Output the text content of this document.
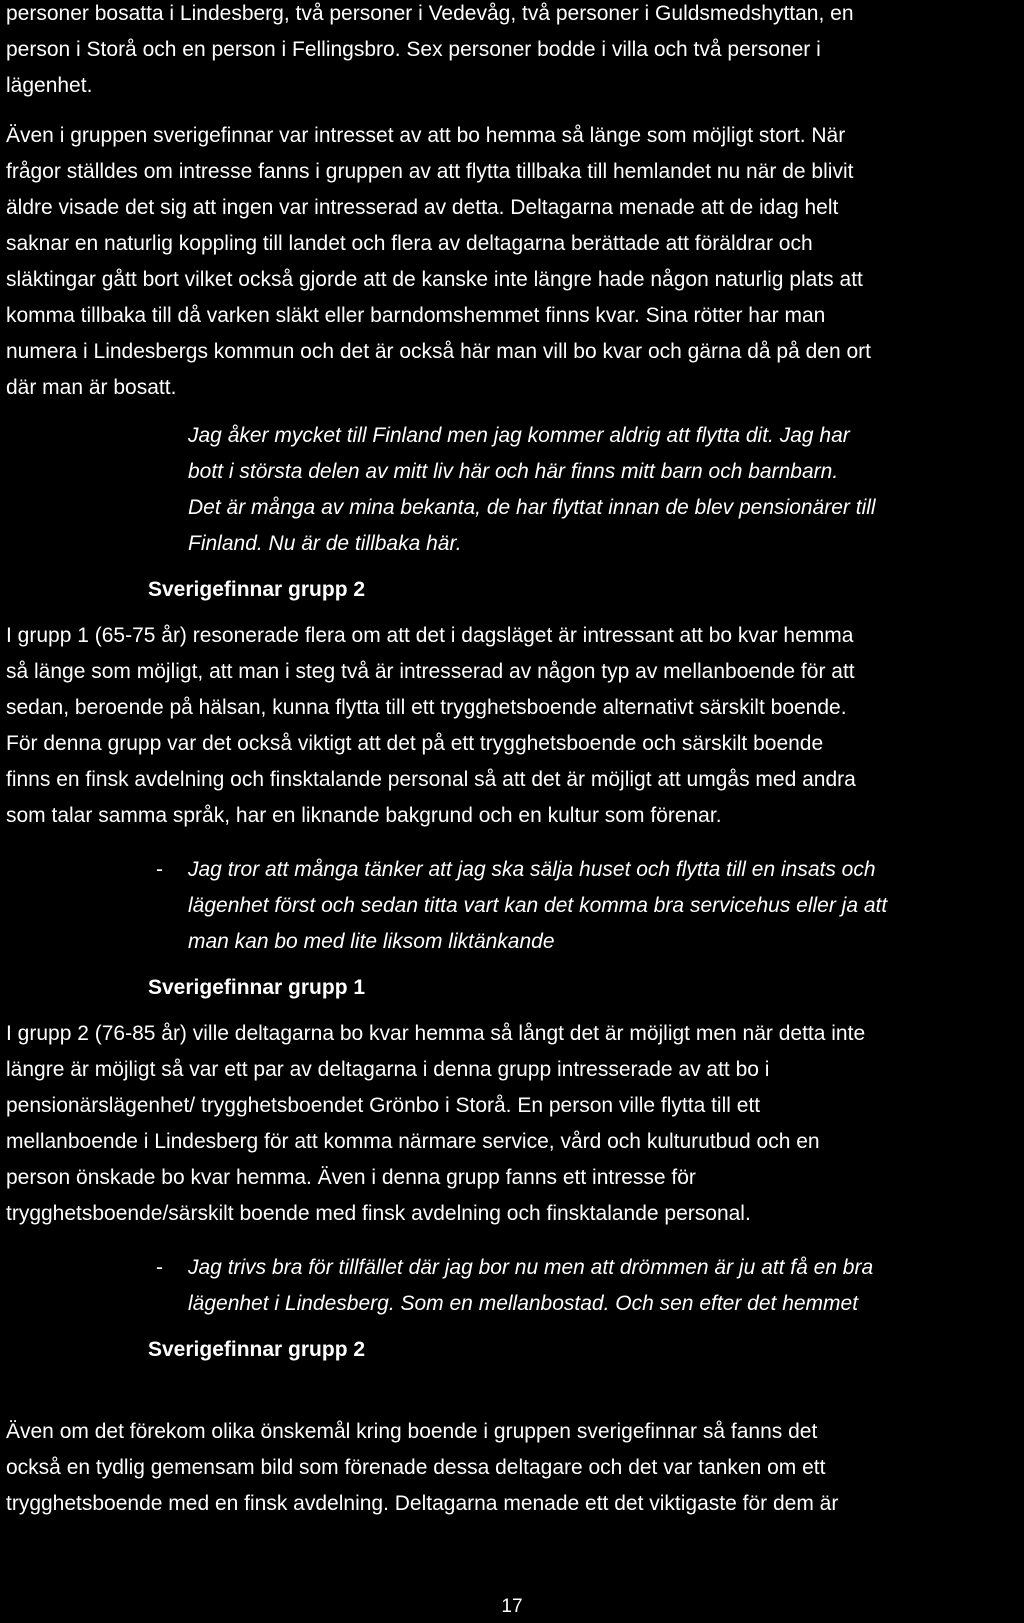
personer bosatta i Lindesberg, två personer i Vedevåg, två personer i Guldsmedshyttan, en
person i Storå och en person i Fellingsbro. Sex personer bodde i villa och två personer i
lägenhet.

Även i gruppen sverigefinnar var intresset av att bo hemma så länge som möjligt stort. När
frågor ställdes om intresse fanns i gruppen av att flytta tillbaka till hemlandet nu när de blivit
äldre visade det sig att ingen var intresserad av detta. Deltagarna menade att de idag helt
saknar en naturlig koppling till landet och flera av deltagarna berättade att föräldrar och
släktingar gått bort vilket också gjorde att de kanske inte längre hade någon naturlig plats att
komma tillbaka till då varken släkt eller barndomshemmet finns kvar. Sina rötter har man
numera i Lindesbergs kommun och det är också här man vill bo kvar och gärna då på den ort
där man är bosatt.

Jag åker mycket till Finland men jag kommer aldrig att flytta dit. Jag har
bott i största delen av mitt liv här och här finns mitt barn och barnbarn.
Det är många av mina bekanta, de har flyttat innan de blev pensionärer till
Finland. Nu är de tillbaka här.

Sverigefinnar grupp 2

I grupp 1 (65-75 år) resonerade flera om att det i dagsläget är intressant att bo kvar hemma
så länge som möjligt, att man i steg två är intresserad av någon typ av mellanboende för att
sedan, beroende på hälsan, kunna flytta till ett trygghetsboende alternativt särskilt boende.
För denna grupp var det också viktigt att det på ett trygghetsboende och särskilt boende
finns en finsk avdelning och finsktalande personal så att det är möjligt att umgås med andra
som talar samma språk, har en liknande bakgrund och en kultur som förenar.

- Jag tror att många tänker att jag ska sälja huset och flytta till en insats och
lägenhet först och sedan titta vart kan det komma bra servicehus eller ja att
man kan bo med lite liksom liktänkande

Sverigefinnar grupp 1

I grupp 2 (76-85 år) ville deltagarna bo kvar hemma så långt det är möjligt men när detta inte
längre är möjligt så var ett par av deltagarna i denna grupp intresserade av att bo i
pensionärslägenhet/ trygghetsboendet Grönbo i Storå. En person ville flytta till ett
mellanboende i Lindesberg för att komma närmare service, vård och kulturutbud och en
person önskade bo kvar hemma. Även i denna grupp fanns ett intresse för
trygghetsboende/särskilt boende med finsk avdelning och finsktalande personal.

- Jag trivs bra för tillfället där jag bor nu men att drömmen är ju att få en bra
lägenhet i Lindesberg. Som en mellanbostad. Och sen efter det hemmet

Sverigefinnar grupp 2

Även om det förekom olika önskemål kring boende i gruppen sverigefinnar så fanns det
också en tydlig gemensam bild som förenade dessa deltagare och det var tanken om ett
trygghetsboende med en finsk avdelning. Deltagarna menade ett det viktigaste för dem är

17
